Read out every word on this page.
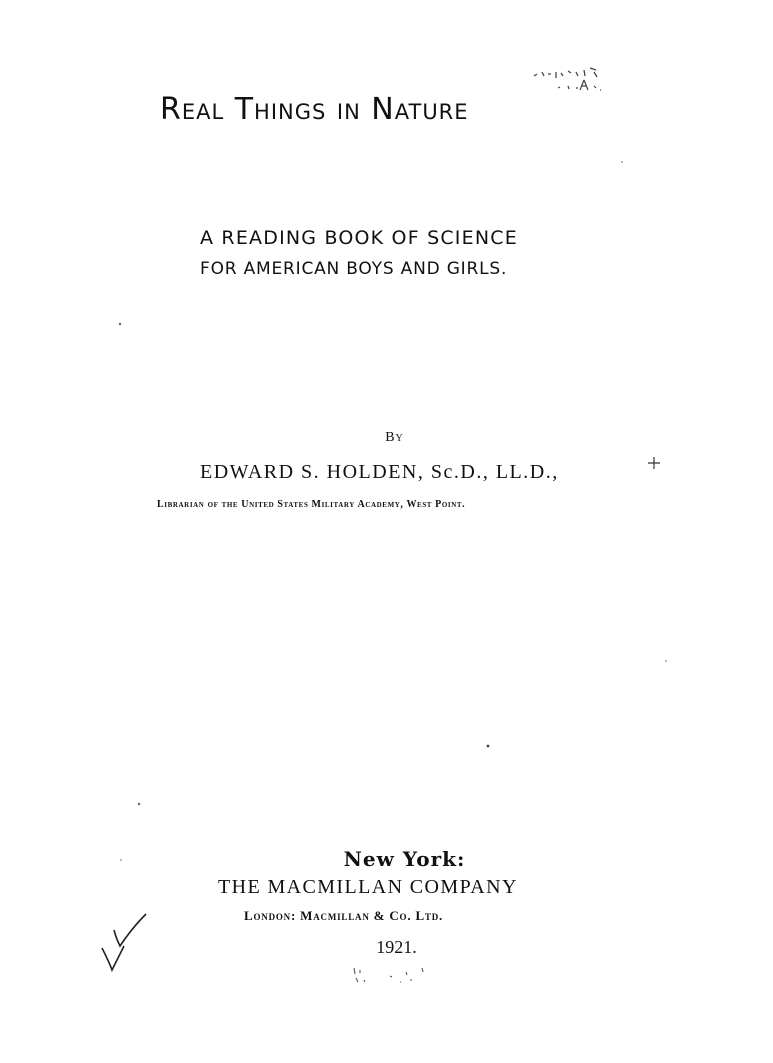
Real Things in Nature
A READING BOOK OF SCIENCE
FOR AMERICAN BOYS AND GIRLS.
By
EDWARD S. HOLDEN, Sc.D., LL.D.,
Librarian of the United States Military Academy, West Point.
New York:
THE MACMILLAN COMPANY
London: Macmillan & Co. Ltd.
1921.
